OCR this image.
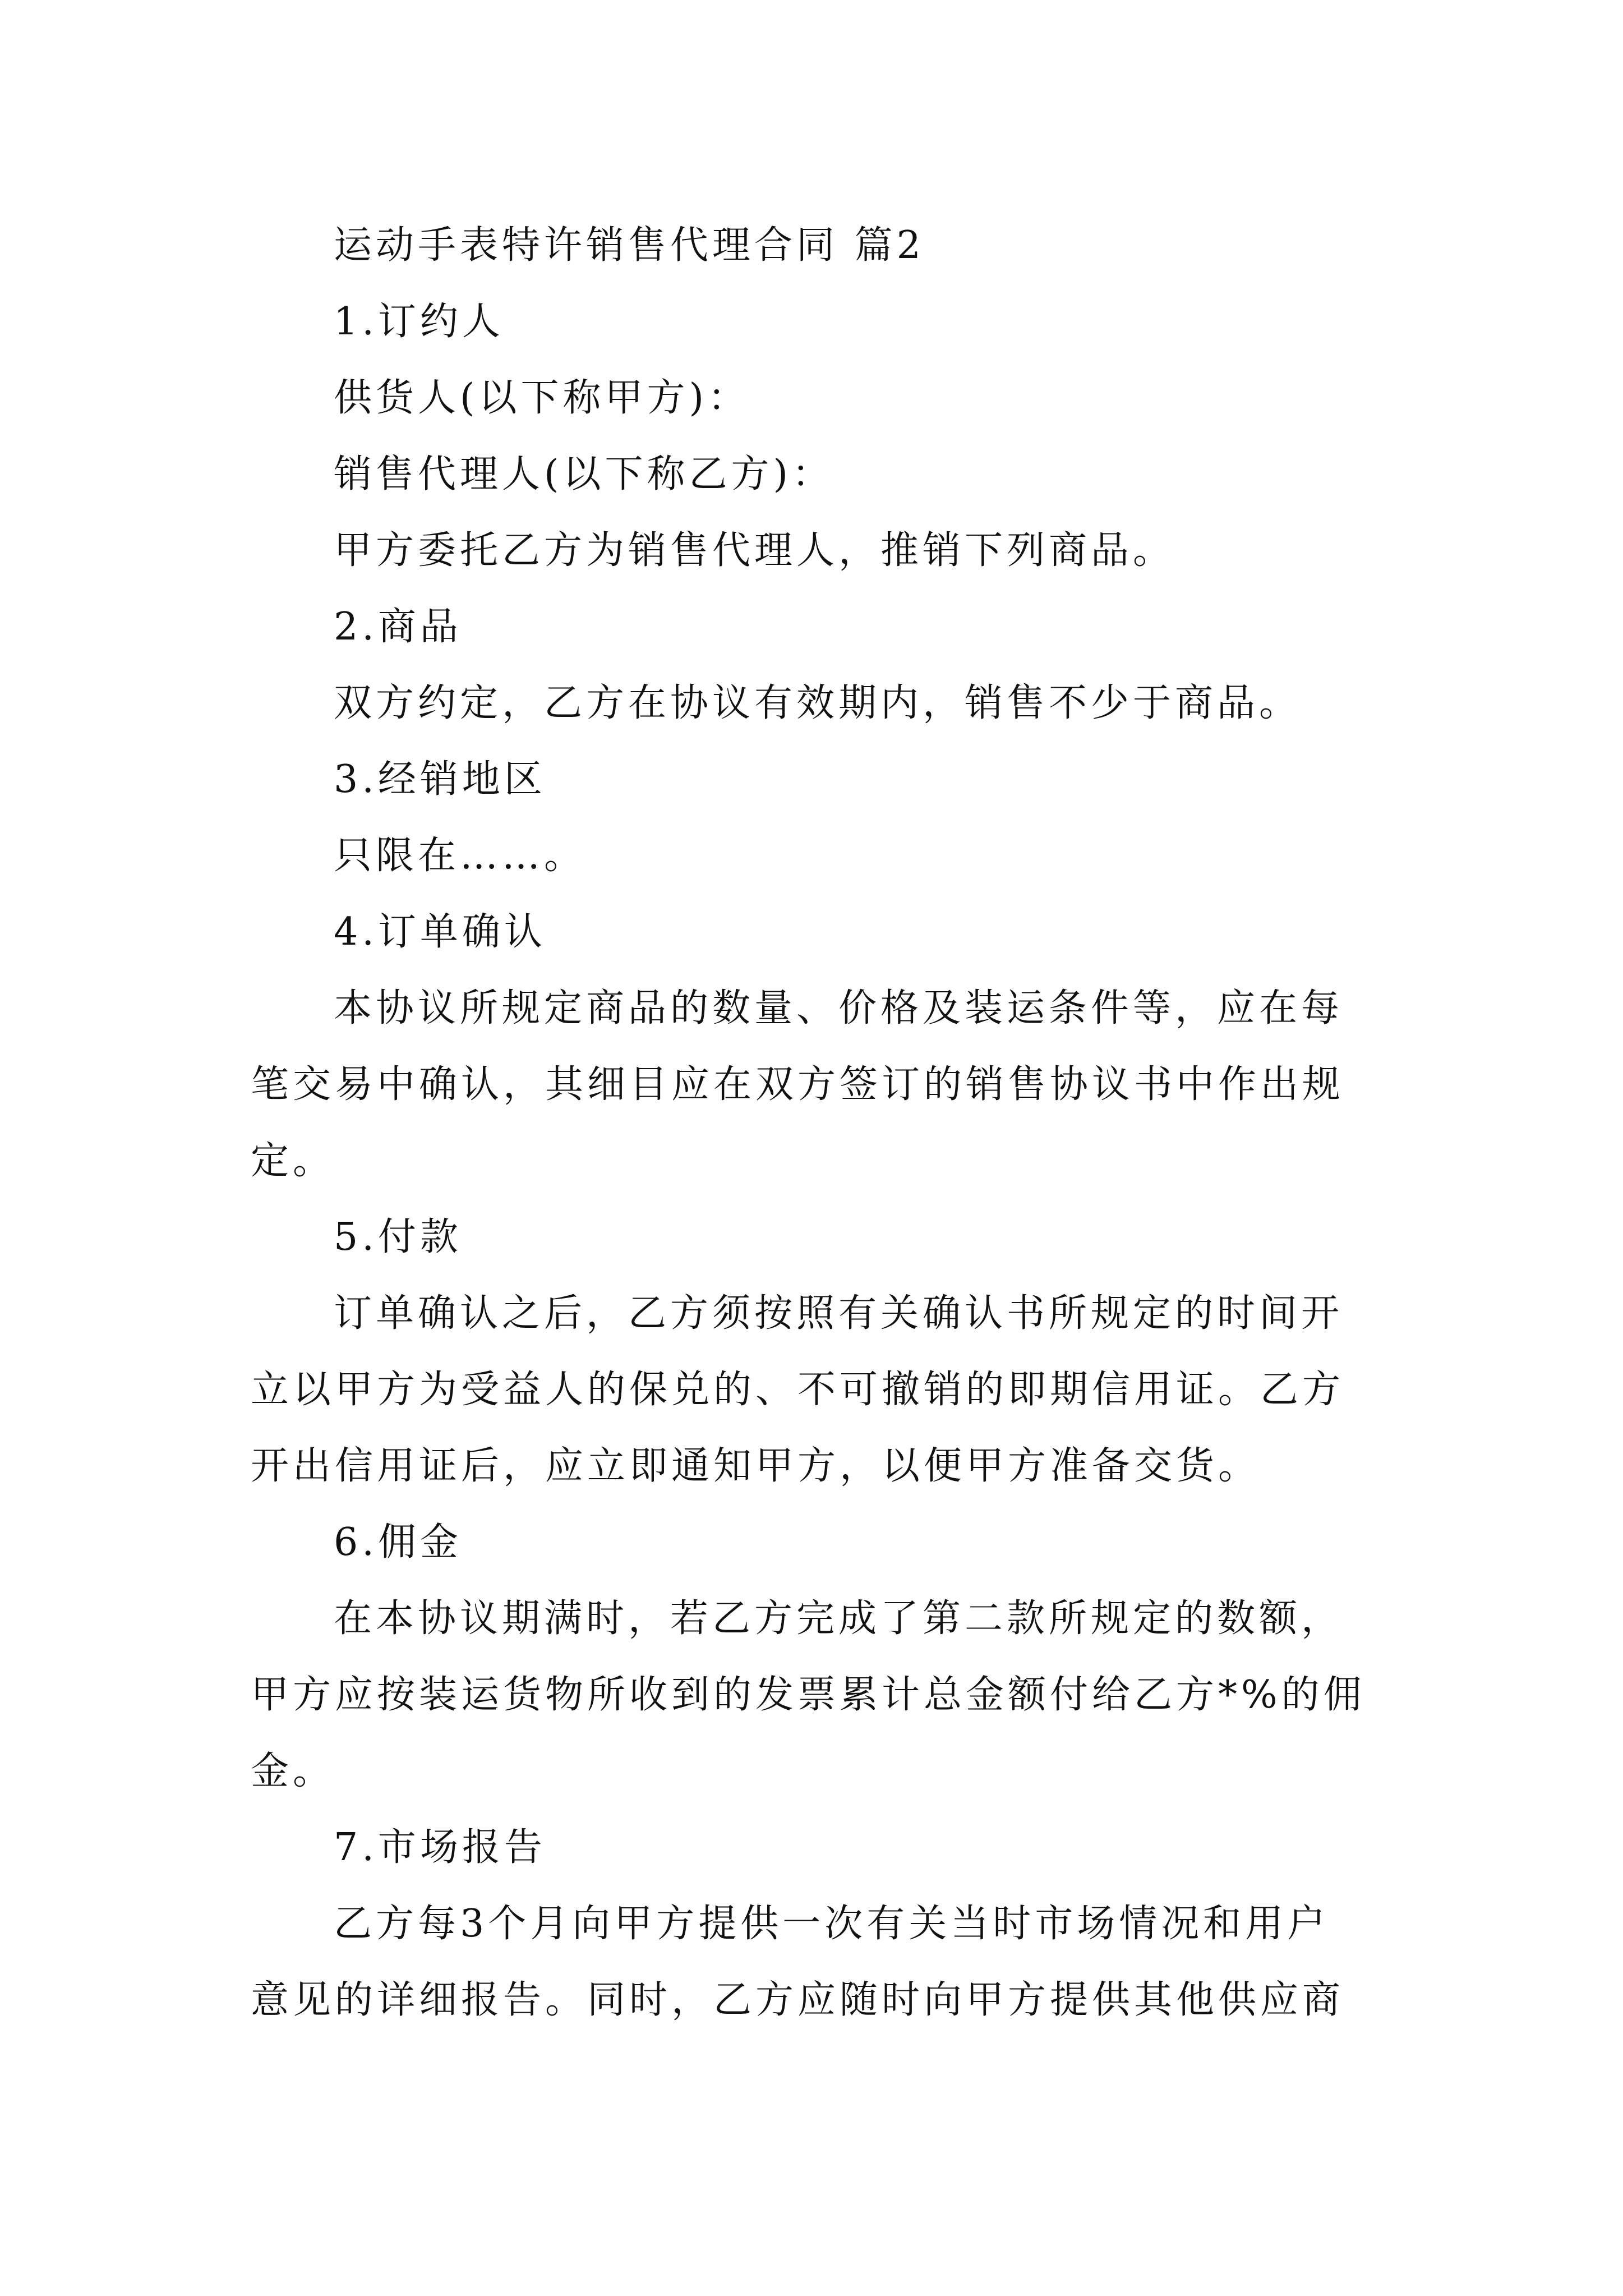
运动手表特许销售代理合同 篇2
1.订约人
供货人(以下称甲方)：
销售代理人(以下称乙方)：
甲方委托乙方为销售代理人，推销下列商品。
2.商品
双方约定，乙方在协议有效期内，销售不少于商品。
3.经销地区
只限在……。
4.订单确认
本协议所规定商品的数量、价格及装运条件等，应在每
笔交易中确认，其细目应在双方签订的销售协议书中作出规
定。
5.付款
订单确认之后，乙方须按照有关确认书所规定的时间开
立以甲方为受益人的保兑的、不可撤销的即期信用证。乙方
开出信用证后，应立即通知甲方，以便甲方准备交货。
6.佣金
在本协议期满时，若乙方完成了第二款所规定的数额，
甲方应按装运货物所收到的发票累计总金额付给乙方*%的佣
金。
7.市场报告
乙方每3个月向甲方提供一次有关当时市场情况和用户
意见的详细报告。同时，乙方应随时向甲方提供其他供应商
